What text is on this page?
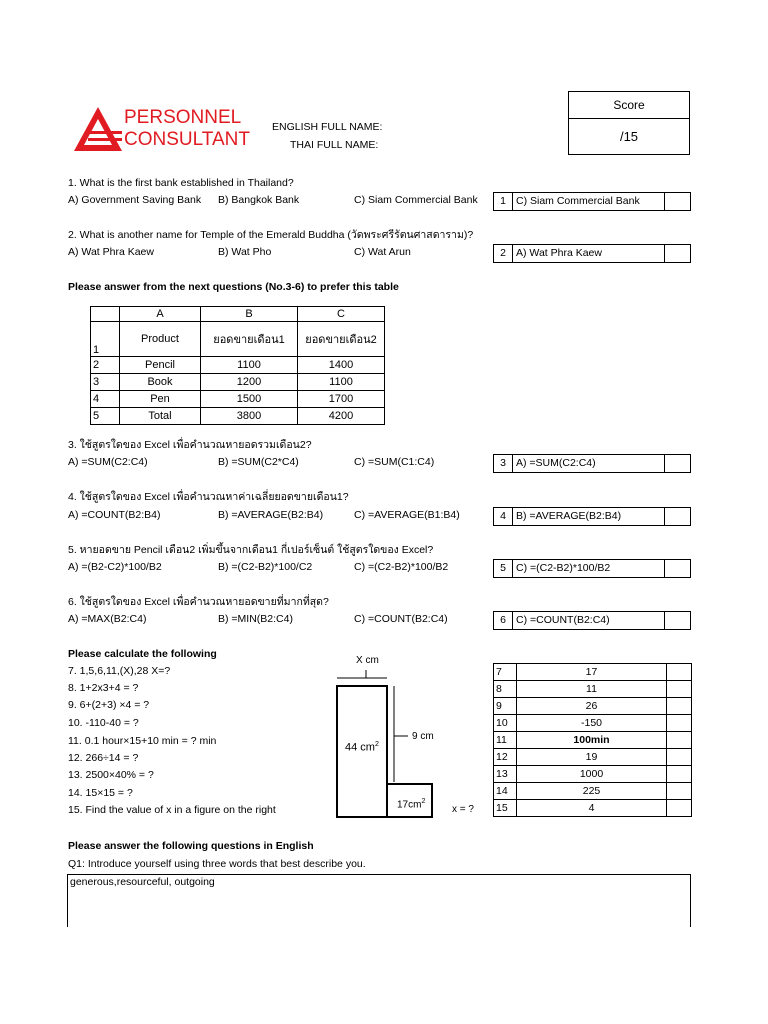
PERSONNEL
CONSULTANT
ENGLISH FULL NAME:
THAI FULL NAME:
Score
/15
1. What is the first bank established in Thailand?
A) Government Saving Bank B) Bangkok Bank	C) Siam Commercial Bank	1 C) Siam Commercial Bank
2. What is another name for Temple of the Emerald Buddha (วัดพระศรีรัตนศาสดาราม)?
A) Wat Phra Kaew	B) Wat Pho	C) Wat Arun	2 A) Wat Phra Kaew
Please answer from the next questions (No.3-6) to prefer this table
	A	B	C
1	Product	ยอดขายเดือน1	ยอดขายเดือน2
2	Pencil	1100	1400
3	Book	1200	1100
4	Pen	1500	1700
5	Total	3800	4200
3. ใช้สูตรใดของ Excel เพื่อคำนวณหายอดรวมเดือน2?
A) =SUM(C2:C4)	B) =SUM(C2*C4)	C) =SUM(C1:C4)	3 A) =SUM(C2:C4)
4. ใช้สูตรใดของ Excel เพื่อคำนวณหาค่าเฉลี่ยยอดขายเดือน1?
A) =COUNT(B2:B4)	B) =AVERAGE(B2:B4)	C) =AVERAGE(B1:B4)	4 B) =AVERAGE(B2:B4)
5. หายอดขาย Pencil เดือน2 เพิ่มขึ้นจากเดือน1 กี่เปอร์เซ็นต์ ใช้สูตรใดของ Excel?
A) =(B2-C2)*100/B2	B) =(C2-B2)*100/C2	C) =(C2-B2)*100/B2	5 C) =(C2-B2)*100/B2
6. ใช้สูตรใดของ Excel เพื่อคำนวณหายอดขายที่มากที่สุด?
A) =MAX(B2:C4)	B) =MIN(B2:C4)	C) =COUNT(B2:C4)	6 C) =COUNT(B2:C4)
Please calculate the following
7. 1,5,6,11,(X),28 X=?
8. 1+2x3+4 = ?
9. 6+(2+3) ×4 = ?
10. -110-40 = ?
11. 0.1 hour×15+10 min = ? min
12. 266÷14 = ?
13. 2500×40% = ?
14. 15×15 = ?
15. Find the value of x in a figure on the right
X cm
9 cm
44 $cm^2$
$17cm^2$
x = ?
7	17	
8	11	
9	26	
10	-150	
11	100min	
12	19	
13	1000	
14	225	
15	4	
Please answer the following questions in English
Q1: Introduce yourself using three words that best describe you.
generous,resourceful, outgoing
